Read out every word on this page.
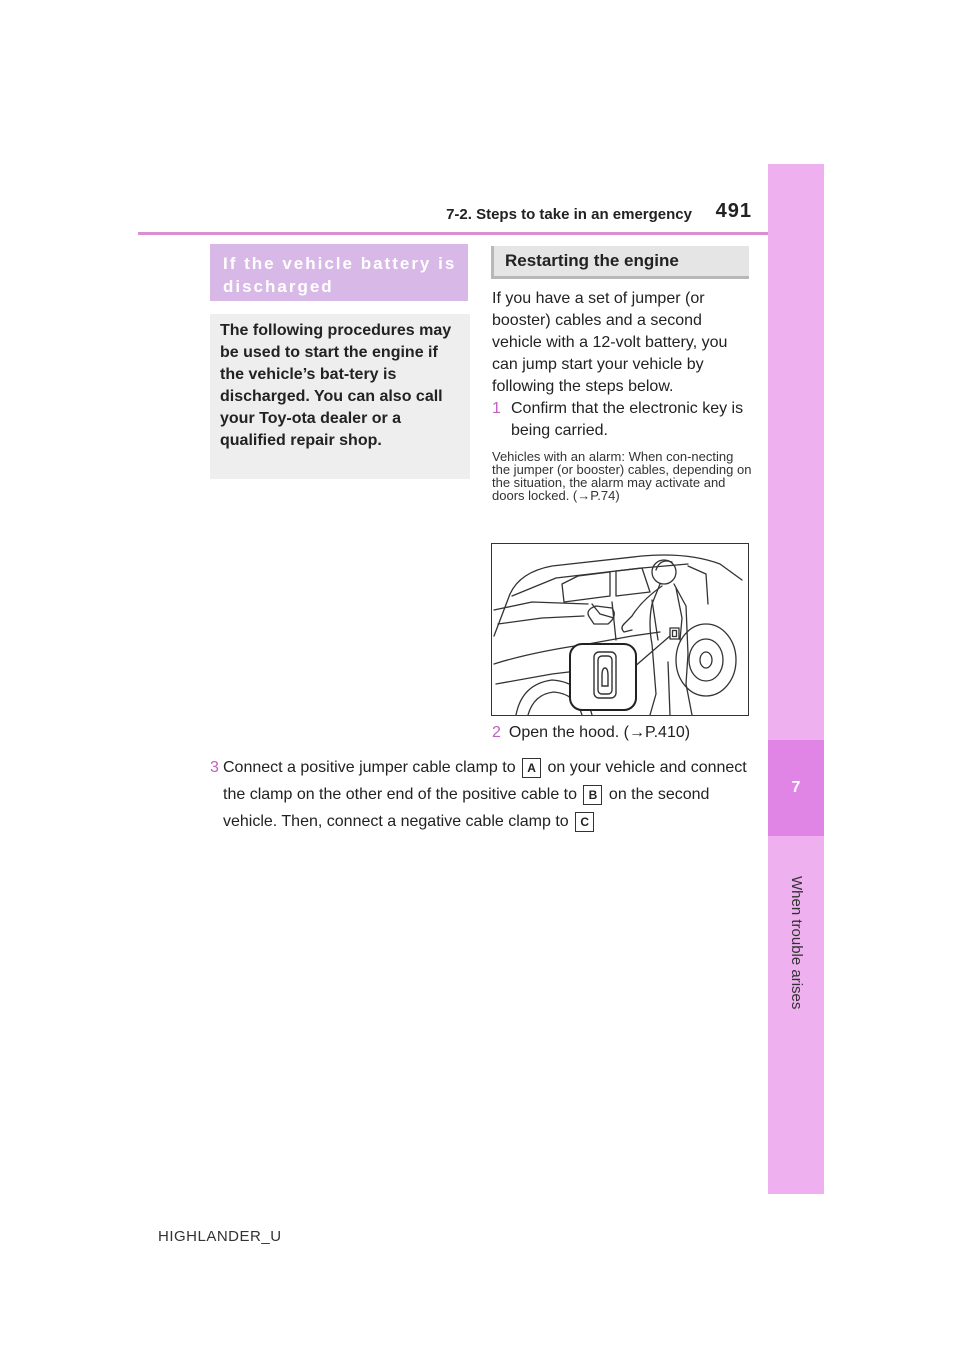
7-2. Steps to take in an emergency	491
7
When trouble arises
If the vehicle battery is discharged
The following procedures may be used to start the engine if the vehicle’s bat-tery is discharged. You can also call your Toy-ota dealer or a qualified repair shop.
Restarting the engine
If you have a set of jumper (or booster) cables and a second vehicle with a 12-volt battery, you can jump start your vehicle by following the steps below.
1 Confirm that the electronic key is being carried.
Vehicles with an alarm: When con-necting the jumper (or booster) cables, depending on the situation, the alarm may activate and doors locked. (→P.74)
2 Open the hood. (→P.410)
3 Connect a positive jumper cable clamp to A on your vehicle and connect the clamp on the other end of the positive cable to B on the second vehicle. Then, connect a negative cable clamp to C
HIGHLANDER_U
